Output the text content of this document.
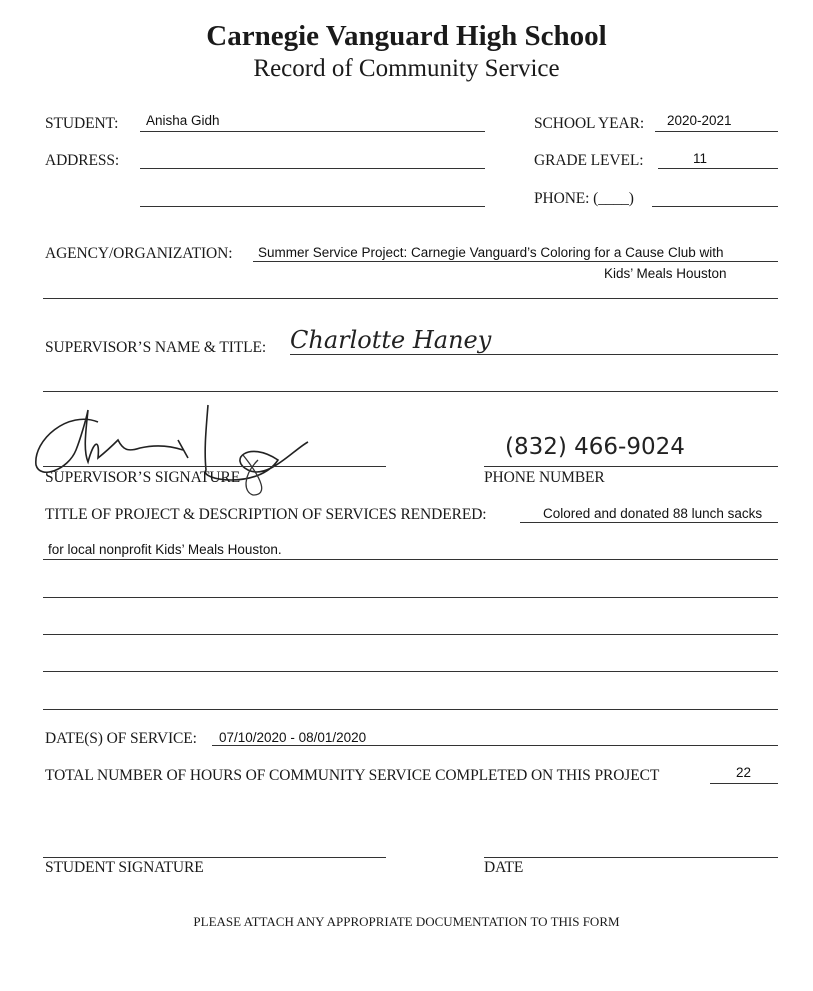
Carnegie Vanguard High School
Record of Community Service
STUDENT: Anisha Gidh	SCHOOL YEAR: 2020-2021
ADDRESS:	GRADE LEVEL:	11
PHONE: (____)
AGENCY/ORGANIZATION: Summer Service Project: Carnegie Vanguard’s Coloring for a Cause Club with
Kids’ Meals Houston
SUPERVISOR’S NAME & TITLE: Charlotte Haney
SUPERVISOR’S SIGNATURE
(832) 466-9024
PHONE NUMBER
TITLE OF PROJECT & DESCRIPTION OF SERVICES RENDERED:	Colored and donated 88 lunch sacks
for local nonprofit Kids’ Meals Houston.
DATE(S) OF SERVICE: 07/10/2020 - 08/01/2020
TOTAL NUMBER OF HOURS OF COMMUNITY SERVICE COMPLETED ON THIS PROJECT	22
STUDENT SIGNATURE	DATE
PLEASE ATTACH ANY APPROPRIATE DOCUMENTATION TO THIS FORM
